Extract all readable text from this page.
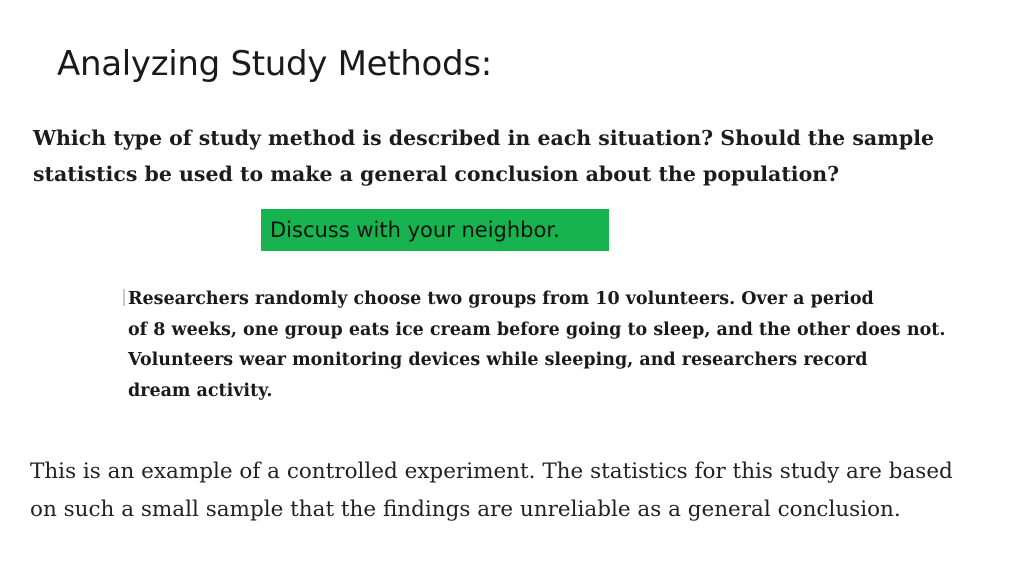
Analyzing Study Methods:
Which type of study method is described in each situation? Should the sample
statistics be used to make a general conclusion about the population?
Discuss with your neighbor.
Researchers randomly choose two groups from 10 volunteers. Over a period
of 8 weeks, one group eats ice cream before going to sleep, and the other does not.
Volunteers wear monitoring devices while sleeping, and researchers record
dream activity.
This is an example of a controlled experiment. The statistics for this study are based
on such a small sample that the findings are unreliable as a general conclusion.
